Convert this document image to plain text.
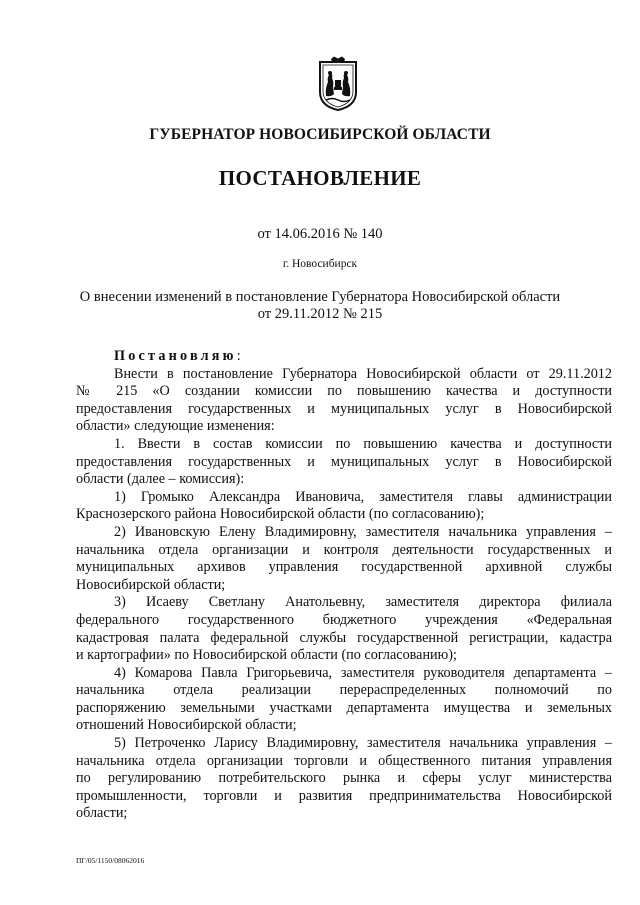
ГУБЕРНАТОР НОВОСИБИРСКОЙ ОБЛАСТИ
ПОСТАНОВЛЕНИЕ
от 14.06.2016 № 140
г. Новосибирск
О внесении изменений в постановление Губернатора Новосибирской области
от 29.11.2012 № 215
Постановляю:
Внести в постановление Губернатора Новосибирской области от 29.11.2012
№ 215 «О создании комиссии по повышению качества и доступности
предоставления государственных и муниципальных услуг в Новосибирской
области» следующие изменения:
1. Ввести в состав комиссии по повышению качества и доступности
предоставления государственных и муниципальных услуг в Новосибирской
области (далее – комиссия):
1) Громыко Александра Ивановича, заместителя главы администрации
Краснозерского района Новосибирской области (по согласованию);
2) Ивановскую Елену Владимировну, заместителя начальника управления –
начальника отдела организации и контроля деятельности государственных и
муниципальных архивов управления государственной архивной службы
Новосибирской области;
3) Исаеву Светлану Анатольевну, заместителя директора филиала
федерального государственного бюджетного учреждения «Федеральная
кадастровая палата федеральной службы государственной регистрации, кадастра
и картографии» по Новосибирской области (по согласованию);
4) Комарова Павла Григорьевича, заместителя руководителя департамента –
начальника отдела реализации перераспределенных полномочий по
распоряжению земельными участками департамента имущества и земельных
отношений Новосибирской области;
5) Петроченко Ларису Владимировну, заместителя начальника управления –
начальника отдела организации торговли и общественного питания управления
по регулированию потребительского рынка и сферы услуг министерства
промышленности, торговли и развития предпринимательства Новосибирской
области;
ПГ/05/1150/08062016
